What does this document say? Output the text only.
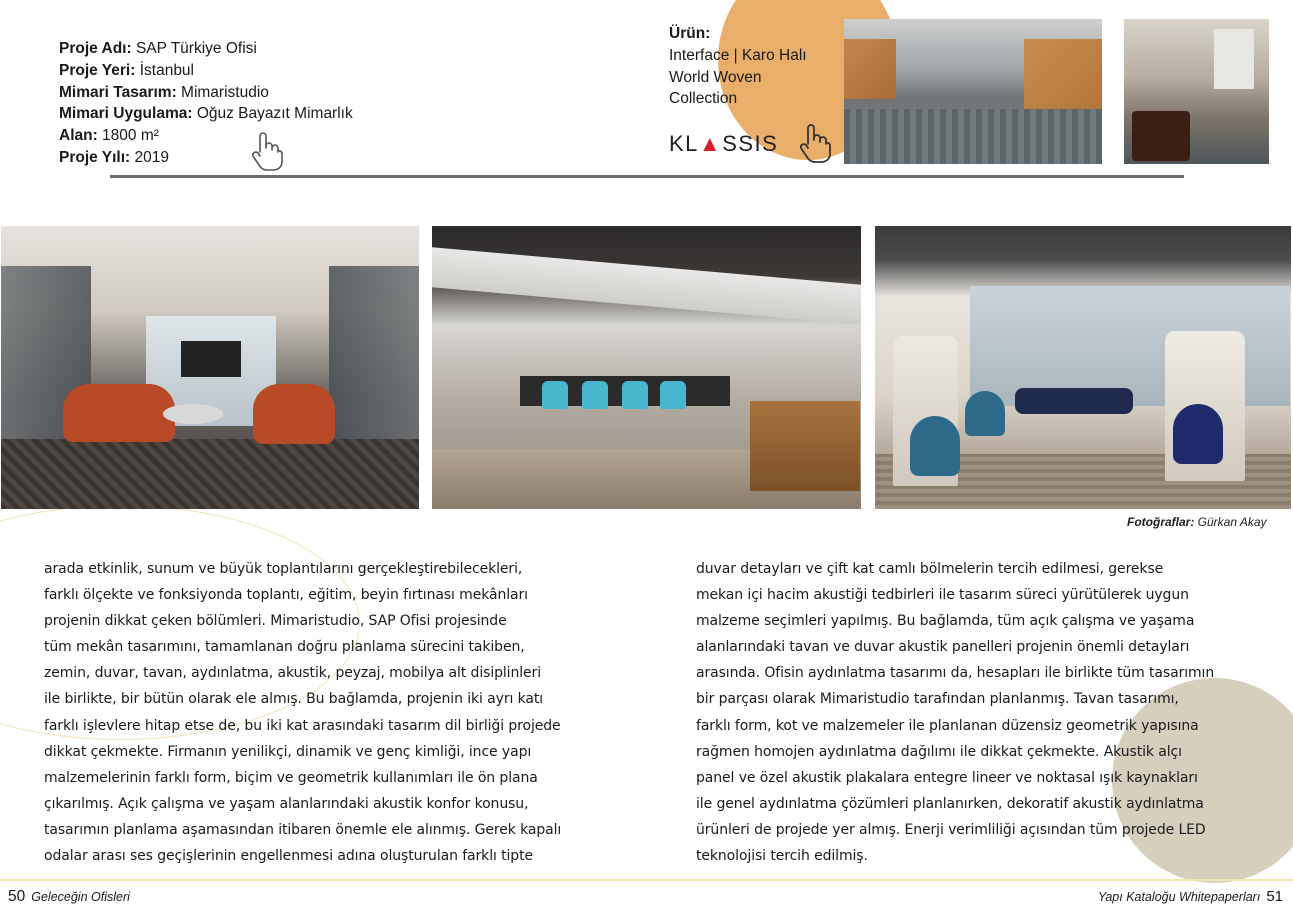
Proje Adı: SAP Türkiye Ofisi
Proje Yeri: İstanbul
Mimari Tasarım: Mimaristudio
Mimari Uygulama: Oğuz Bayazıt Mimarlık
Alan: 1800 m²
Proje Yılı: 2019
Ürün:
Interface | Karo Halı
World Woven
Collection
KL▲SSIS
Fotoğraflar: Gürkan Akay
arada etkinlik, sunum ve büyük toplantılarını gerçekleştirebilecekleri,
farklı ölçekte ve fonksiyonda toplantı, eğitim, beyin fırtınası mekânları
projenin dikkat çeken bölümleri. Mimaristudio, SAP Ofisi projesinde
tüm mekân tasarımını, tamamlanan doğru planlama sürecini takiben,
zemin, duvar, tavan, aydınlatma, akustik, peyzaj, mobilya alt disiplinleri
ile birlikte, bir bütün olarak ele almış. Bu bağlamda, projenin iki ayrı katı
farklı işlevlere hitap etse de, bu iki kat arasındaki tasarım dil birliği projede
dikkat çekmekte. Firmanın yenilikçi, dinamik ve genç kimliği, ince yapı
malzemelerinin farklı form, biçim ve geometrik kullanımları ile ön plana
çıkarılmış. Açık çalışma ve yaşam alanlarındaki akustik konfor konusu,
tasarımın planlama aşamasından itibaren önemle ele alınmış. Gerek kapalı
odalar arası ses geçişlerinin engellenmesi adına oluşturulan farklı tipte
duvar detayları ve çift kat camlı bölmelerin tercih edilmesi, gerekse
mekan içi hacim akustiği tedbirleri ile tasarım süreci yürütülerek uygun
malzeme seçimleri yapılmış. Bu bağlamda, tüm açık çalışma ve yaşama
alanlarındaki tavan ve duvar akustik panelleri projenin önemli detayları
arasında. Ofisin aydınlatma tasarımı da, hesapları ile birlikte tüm tasarımın
bir parçası olarak Mimaristudio tarafından planlanmış. Tavan tasarımı,
farklı form, kot ve malzemeler ile planlanan düzensiz geometrik yapısına
rağmen homojen aydınlatma dağılımı ile dikkat çekmekte. Akustik alçı
panel ve özel akustik plakalara entegre lineer ve noktasal ışık kaynakları
ile genel aydınlatma çözümleri planlanırken, dekoratif akustik aydınlatma
ürünleri de projede yer almış. Enerji verimliliği açısından tüm projede LED
teknolojisi tercih edilmiş.
50 Geleceğin Ofisleri	Yapı Kataloğu Whitepaperları 51
